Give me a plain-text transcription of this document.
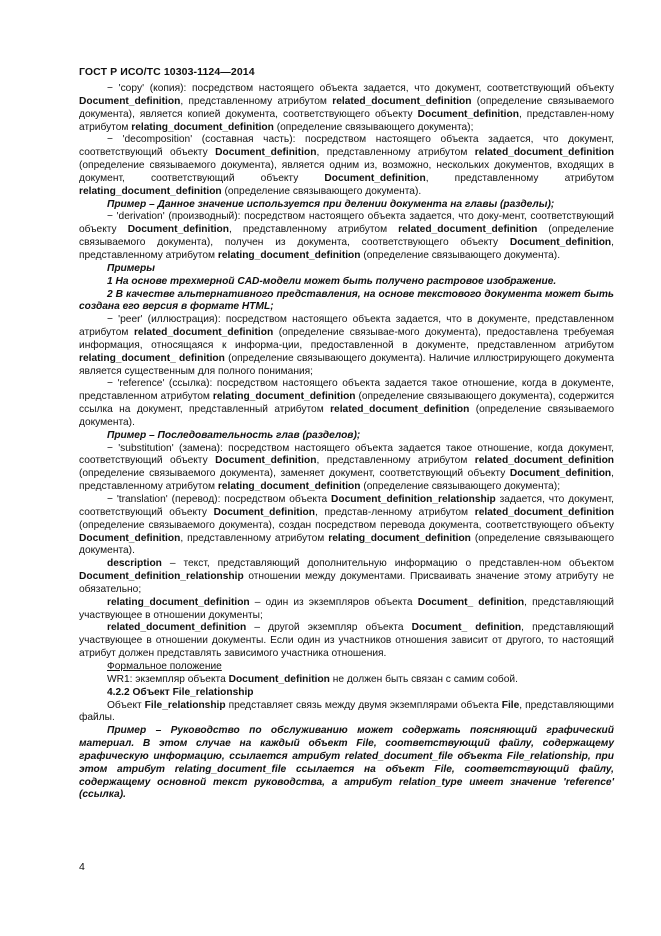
ГОСТ Р ИСО/ТС 10303-1124—2014

− 'copy' (копия): посредством настоящего объекта задается, что документ, соответствующий объекту Document_definition, представленному атрибутом related_document_definition (определение связываемого документа), является копией документа, соответствующего объекту Document_definition, представлен-ному атрибутом relating_document_definition (определение связывающего документа);

− 'decomposition' (составная часть): посредством настоящего объекта задается, что документ, соответствующий объекту Document_definition, представленному атрибутом related_document_definition (определение связываемого документа), является одним из, возможно, нескольких документов, входящих в документ, соответствующий объекту Document_definition, представленному атрибутом relating_document_definition (определение связывающего документа).

Пример – Данное значение используется при делении документа на главы (разделы);

− 'derivation' (производный): посредством настоящего объекта задается, что доку-мент, соответствующий объекту Document_definition, представленному атрибутом related_document_definition (определение связываемого документа), получен из документа, соответствующего объекту Document_definition, представленному атрибутом relating_document_definition (определение связывающего документа).

Примеры

1 На основе трехмерной CAD-модели может быть получено растровое изображение.

2 В качестве альтернативного представления, на основе текстового документа может быть создана его версия в формате HTML;

− 'peer' (иллюстрация): посредством настоящего объекта задается, что в документе, представленном атрибутом related_document_definition (определение связывае-мого документа), предоставлена требуемая информация, относящаяся к информа-ции, предоставленной в документе, представленном атрибутом relating_document_ definition (определение связывающего документа). Наличие иллюстрирующего документа является существенным для полного понимания;

− 'reference' (ссылка): посредством настоящего объекта задается такое отношение, когда в документе, представленном атрибутом relating_document_definition (определение связывающего документа), содержится ссылка на документ, представленный атрибутом related_document_definition (определение связываемого документа).

Пример – Последовательность глав (разделов);

− 'substitution' (замена): посредством настоящего объекта задается такое отношение, когда документ, соответствующий объекту Document_definition, представленному атрибутом related_document_definition (определение связываемого документа), заменяет документ, соответствующий объекту Document_definition, представленному атрибутом relating_document_definition (определение связывающего документа);

− 'translation' (перевод): посредством объекта Document_definition_relationship задается, что документ, соответствующий объекту Document_definition, представ-ленному атрибутом related_document_definition (определение связываемого документа), создан посредством перевода документа, соответствующего объекту Document_definition, представленному атрибутом relating_document_definition (определение связывающего документа).

description – текст, представляющий дополнительную информацию о представлен-ном объектом Document_definition_relationship отношении между документами. Присваивать значение этому атрибуту не обязательно;

relating_document_definition – один из экземпляров объекта Document_ definition, представляющий участвующее в отношении документы;

related_document_definition – другой экземпляр объекта Document_ definition, представляющий участвующее в отношении документы. Если один из участников отношения зависит от другого, то настоящий атрибут должен представлять зависимого участника отношения.

Формальное положение

WR1: экземпляр объекта Document_definition не должен быть связан с самим собой.

4.2.2 Объект File_relationship

Объект File_relationship представляет связь между двумя экземплярами объекта File, представляющими файлы.

Пример – Руководство по обслуживанию может содержать поясняющий графический материал. В этом случае на каждый объект File, соответствующий файлу, содержащему графическую информацию, ссылается атрибут related_document_file объекта File_relationship, при этом атрибут relating_document_file ссылается на объект File, соответствующий файлу, содержащему основной текст руководства, а атрибут relation_type имеет значение 'reference' (ссылка).

4
